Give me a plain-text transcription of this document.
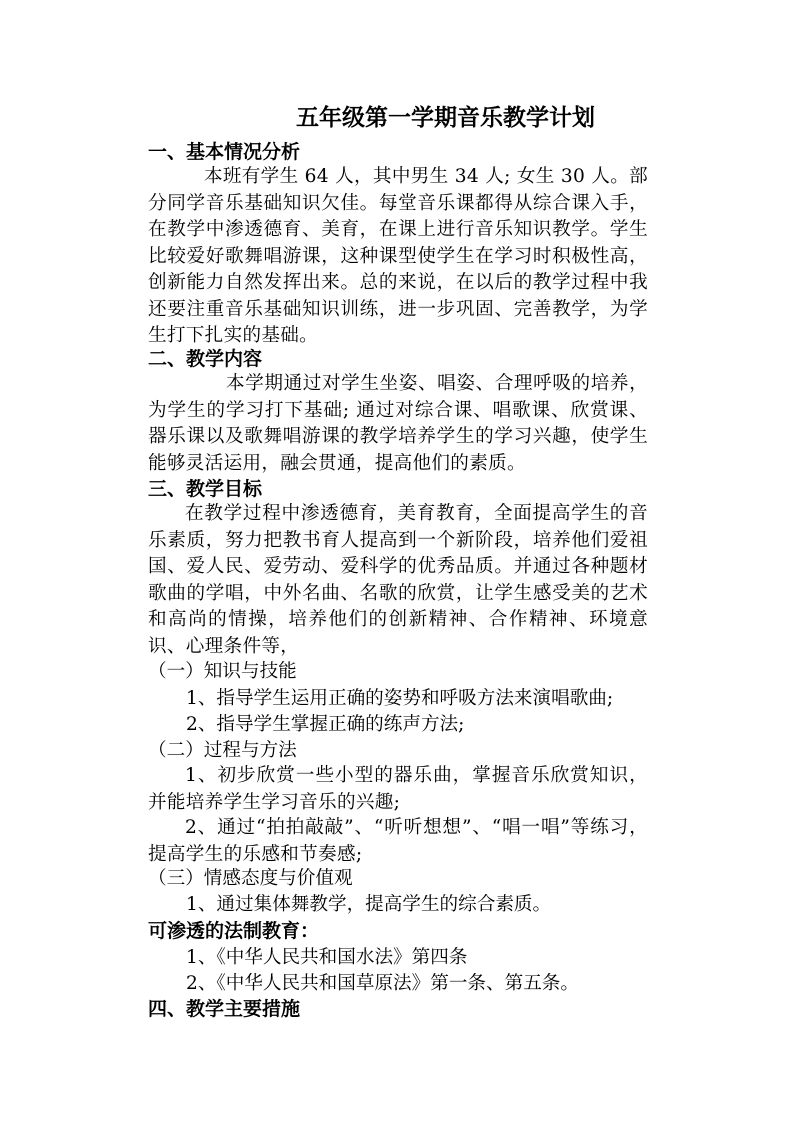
五年级第一学期音乐教学计划
一、基本情况分析
本班有学生 64 人，其中男生 34 人; 女生 30 人。部分同学音乐基础知识欠佳。每堂音乐课都得从综合课入手，在教学中渗透德育、美育，在课上进行音乐知识教学。学生比较爱好歌舞唱游课，这种课型使学生在学习时积极性高，创新能力自然发挥出来。总的来说，在以后的教学过程中我还要注重音乐基础知识训练，进一步巩固、完善教学，为学生打下扎实的基础。
二、教学内容
本学期通过对学生坐姿、唱姿、合理呼吸的培养，为学生的学习打下基础; 通过对综合课、唱歌课、欣赏课、器乐课以及歌舞唱游课的教学培养学生的学习兴趣，使学生能够灵活运用，融会贯通，提高他们的素质。
三、教学目标
在教学过程中渗透德育，美育教育，全面提高学生的音乐素质，努力把教书育人提高到一个新阶段，培养他们爱祖国、爱人民、爱劳动、爱科学的优秀品质。并通过各种题材歌曲的学唱，中外名曲、名歌的欣赏，让学生感受美的艺术和高尚的情操，培养他们的创新精神、合作精神、环境意识、心理条件等，
（一）知识与技能
1、指导学生运用正确的姿势和呼吸方法来演唱歌曲;
2、指导学生掌握正确的练声方法;
（二）过程与方法
1、初步欣赏一些小型的器乐曲，掌握音乐欣赏知识，并能培养学生学习音乐的兴趣;
2、通过“拍拍敲敲”、“听听想想”、“唱一唱”等练习，提高学生的乐感和节奏感;
（三）情感态度与价值观
1、通过集体舞教学，提高学生的综合素质。
可渗透的法制教育：
1、《中华人民共和国水法》第四条
2、《中华人民共和国草原法》第一条、第五条。
四、教学主要措施
